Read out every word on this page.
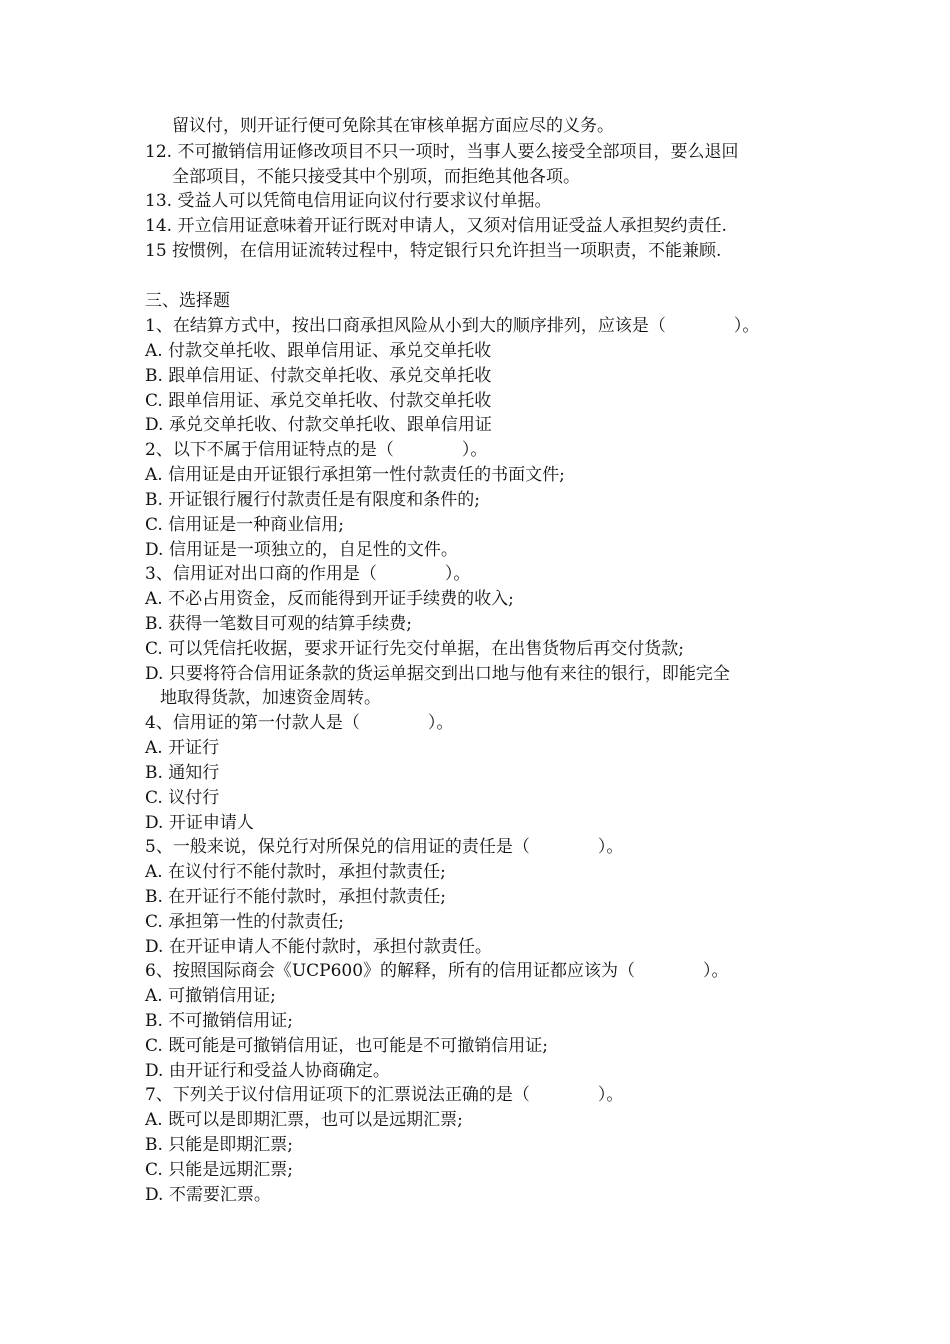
留议付，则开证行便可免除其在审核单据方面应尽的义务。
12. 不可撤销信用证修改项目不只一项时，当事人要么接受全部项目，要么退回
全部项目，不能只接受其中个别项，而拒绝其他各项。
13. 受益人可以凭简电信用证向议付行要求议付单据。
14. 开立信用证意味着开证行既对申请人，又须对信用证受益人承担契约责任.
15 按惯例，在信用证流转过程中，特定银行只允许担当一项职责，不能兼顾.
三、选择题
1、在结算方式中，按出口商承担风险从小到大的顺序排列，应该是（　　　　）。
A. 付款交单托收、跟单信用证、承兑交单托收
B. 跟单信用证、付款交单托收、承兑交单托收
C. 跟单信用证、承兑交单托收、付款交单托收
D. 承兑交单托收、付款交单托收、跟单信用证
2、以下不属于信用证特点的是（　　　　）。
A. 信用证是由开证银行承担第一性付款责任的书面文件;
B. 开证银行履行付款责任是有限度和条件的;
C. 信用证是一种商业信用;
D. 信用证是一项独立的，自足性的文件。
3、信用证对出口商的作用是（　　　　）。
A. 不必占用资金，反而能得到开证手续费的收入;
B. 获得一笔数目可观的结算手续费;
C. 可以凭信托收据，要求开证行先交付单据，在出售货物后再交付货款;
D. 只要将符合信用证条款的货运单据交到出口地与他有来往的银行，即能完全
地取得货款，加速资金周转。
4、信用证的第一付款人是（　　　　）。
A. 开证行
B. 通知行
C. 议付行
D. 开证申请人
5、一般来说，保兑行对所保兑的信用证的责任是（　　　　）。
A. 在议付行不能付款时，承担付款责任;
B. 在开证行不能付款时，承担付款责任;
C. 承担第一性的付款责任;
D. 在开证申请人不能付款时，承担付款责任。
6、按照国际商会《UCP600》的解释，所有的信用证都应该为（　　　　）。
A. 可撤销信用证;
B. 不可撤销信用证;
C. 既可能是可撤销信用证，也可能是不可撤销信用证;
D. 由开证行和受益人协商确定。
7、下列关于议付信用证项下的汇票说法正确的是（　　　　）。
A. 既可以是即期汇票，也可以是远期汇票;
B. 只能是即期汇票;
C. 只能是远期汇票;
D. 不需要汇票。
